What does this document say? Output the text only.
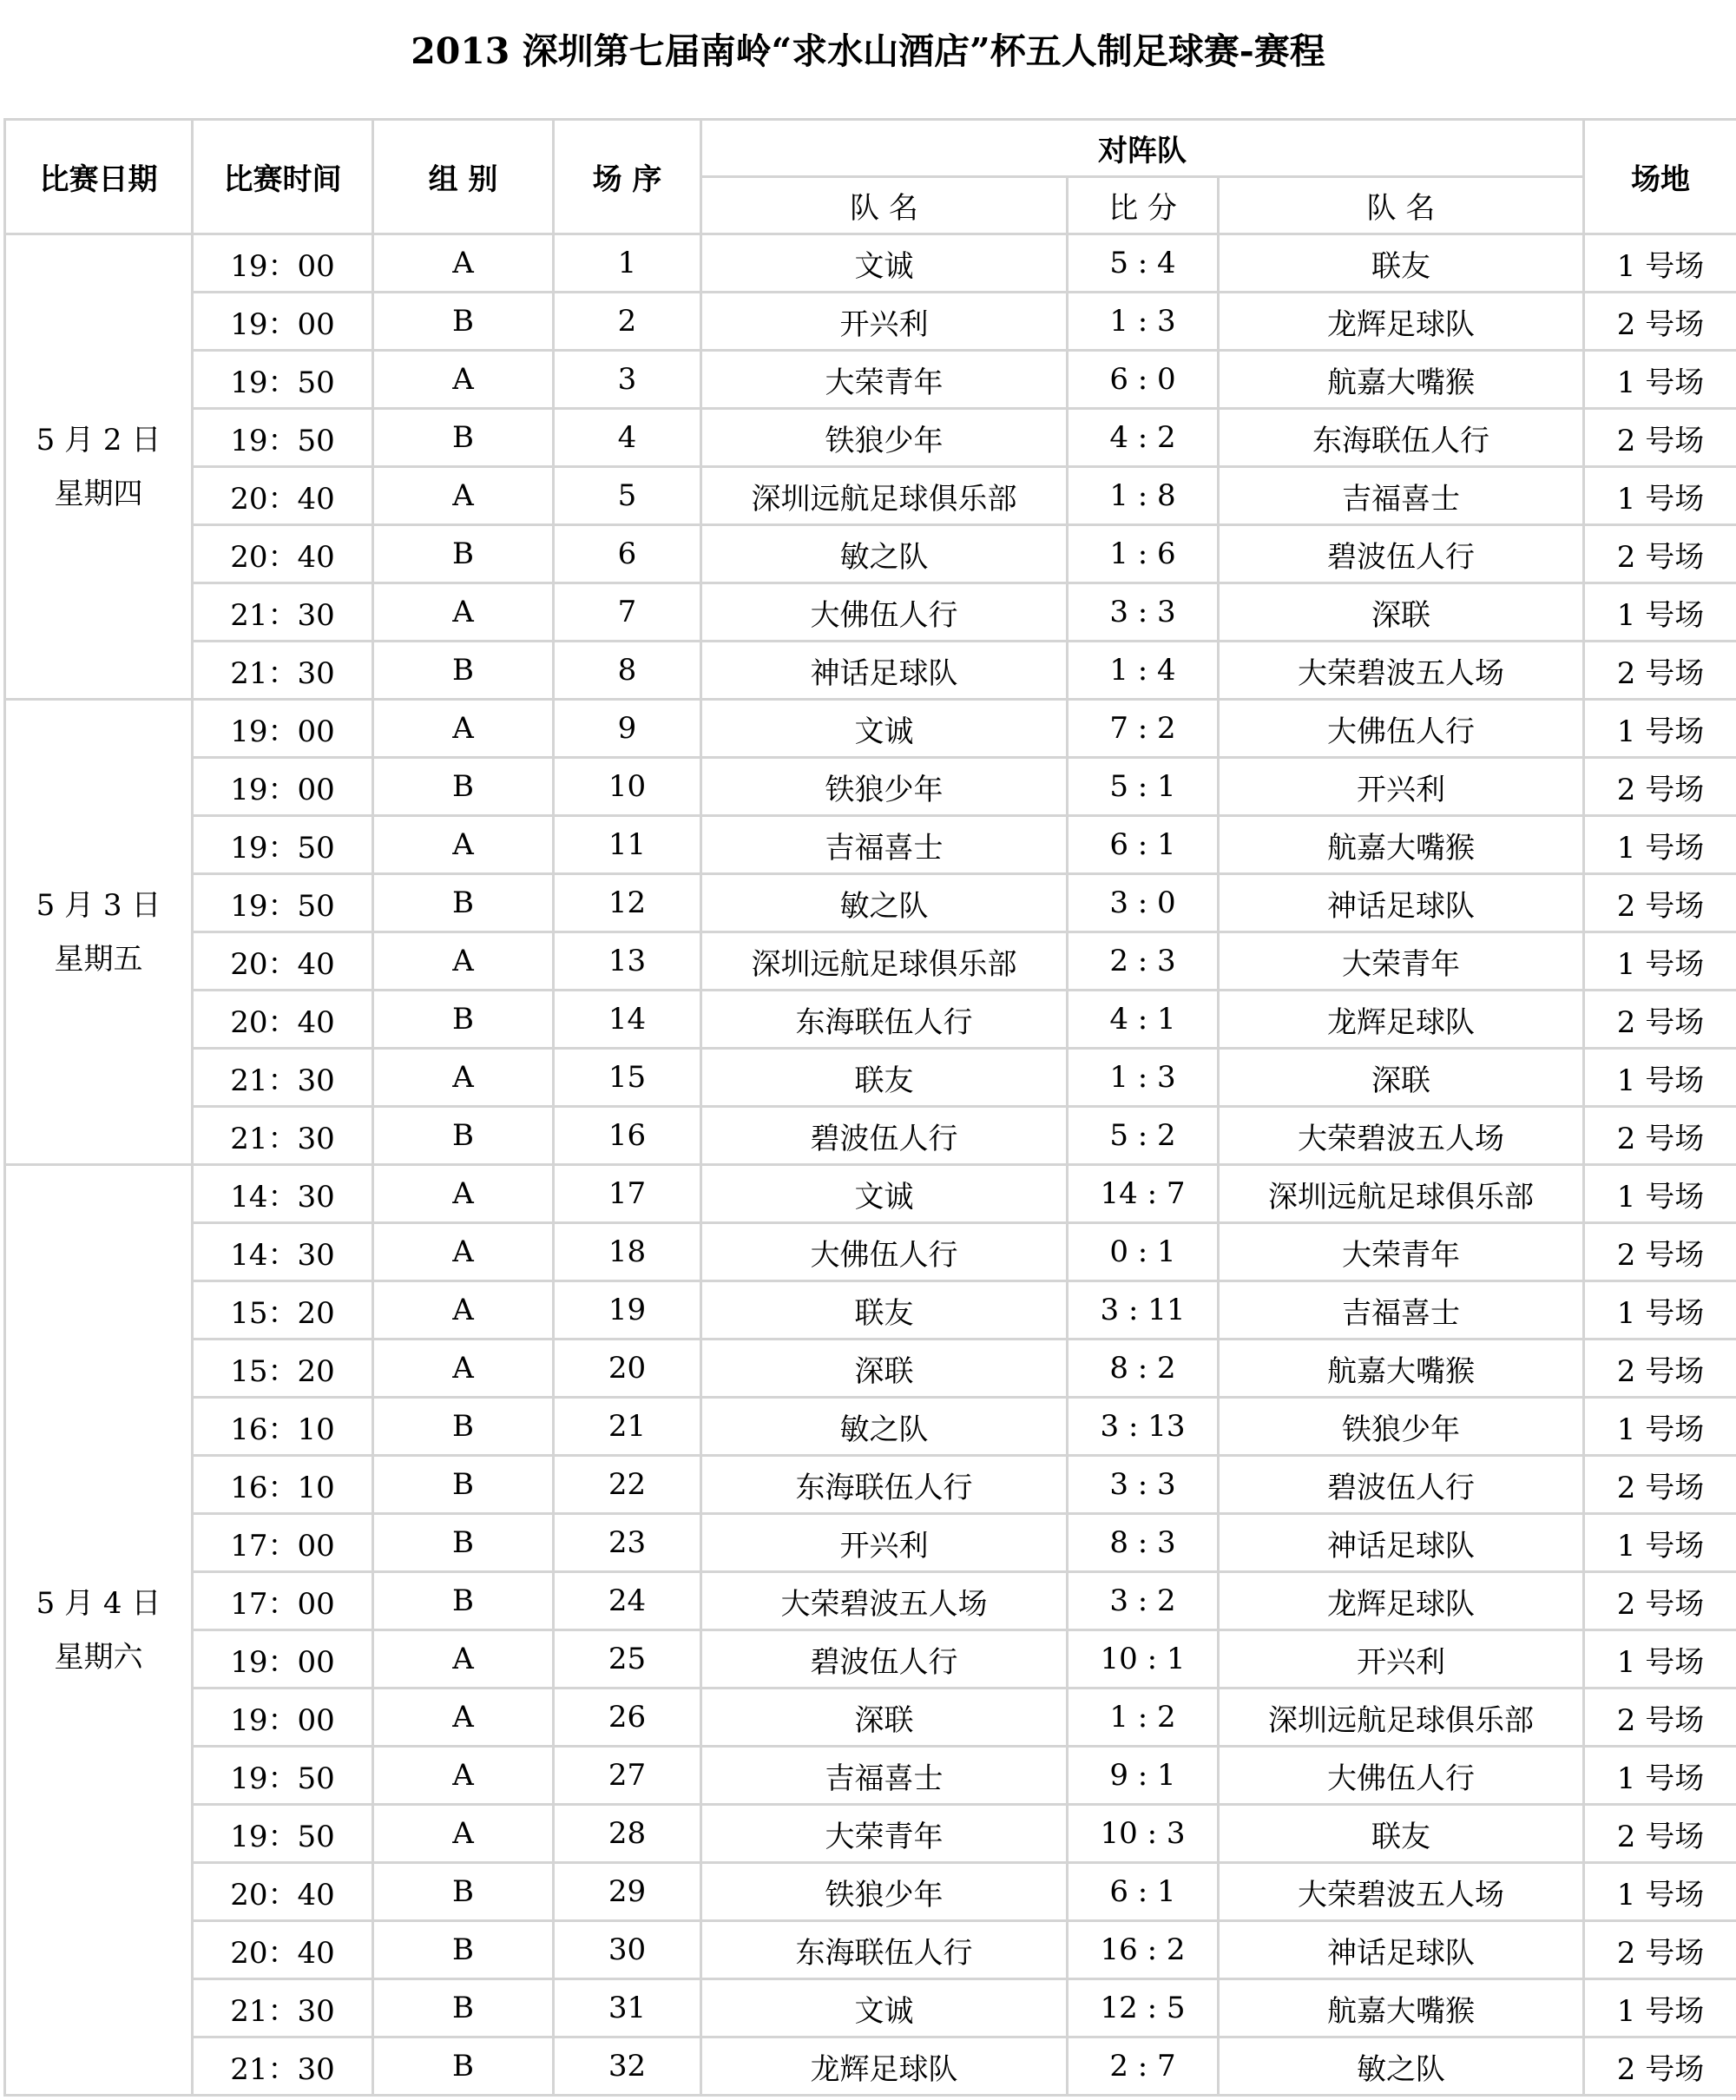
2013 深圳第七届南岭“求水山酒店”杯五人制足球赛-赛程
比赛日期	比赛时间	组 别	场 序	对阵队			场地
				队 名	比 分	队 名	
5 月 2 日
星期四	19：00	A	1	文诚	5 : 4	联友	1 号场
	19：00	B	2	开兴利	1 : 3	龙辉足球队	2 号场
	19：50	A	3	大荣青年	6 : 0	航嘉大嘴猴	1 号场
	19：50	B	4	铁狼少年	4 : 2	东海联伍人行	2 号场
	20：40	A	5	深圳远航足球俱乐部	1 : 8	吉福喜士	1 号场
	20：40	B	6	敏之队	1 : 6	碧波伍人行	2 号场
	21：30	A	7	大佛伍人行	3 : 3	深联	1 号场
	21：30	B	8	神话足球队	1 : 4	大荣碧波五人场	2 号场
5 月 3 日
星期五	19：00	A	9	文诚	7 : 2	大佛伍人行	1 号场
	19：00	B	10	铁狼少年	5 : 1	开兴利	2 号场
	19：50	A	11	吉福喜士	6 : 1	航嘉大嘴猴	1 号场
	19：50	B	12	敏之队	3 : 0	神话足球队	2 号场
	20：40	A	13	深圳远航足球俱乐部	2 : 3	大荣青年	1 号场
	20：40	B	14	东海联伍人行	4 : 1	龙辉足球队	2 号场
	21：30	A	15	联友	1 : 3	深联	1 号场
	21：30	B	16	碧波伍人行	5 : 2	大荣碧波五人场	2 号场
5 月 4 日
星期六	14：30	A	17	文诚	14 : 7	深圳远航足球俱乐部	1 号场
	14：30	A	18	大佛伍人行	0 : 1	大荣青年	2 号场
	15：20	A	19	联友	3 : 11	吉福喜士	1 号场
	15：20	A	20	深联	8 : 2	航嘉大嘴猴	2 号场
	16：10	B	21	敏之队	3 : 13	铁狼少年	1 号场
	16：10	B	22	东海联伍人行	3 : 3	碧波伍人行	2 号场
	17：00	B	23	开兴利	8 : 3	神话足球队	1 号场
	17：00	B	24	大荣碧波五人场	3 : 2	龙辉足球队	2 号场
	19：00	A	25	碧波伍人行	10 : 1	开兴利	1 号场
	19：00	A	26	深联	1 : 2	深圳远航足球俱乐部	2 号场
	19：50	A	27	吉福喜士	9 : 1	大佛伍人行	1 号场
	19：50	A	28	大荣青年	10 : 3	联友	2 号场
	20：40	B	29	铁狼少年	6 : 1	大荣碧波五人场	1 号场
	20：40	B	30	东海联伍人行	16 : 2	神话足球队	2 号场
	21：30	B	31	文诚	12 : 5	航嘉大嘴猴	1 号场
	21：30	B	32	龙辉足球队	2 : 7	敏之队	2 号场
